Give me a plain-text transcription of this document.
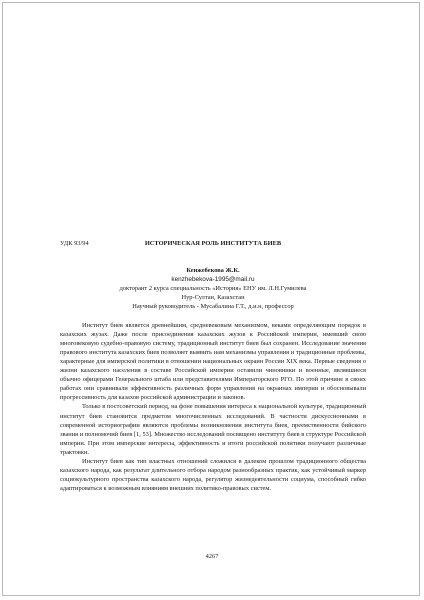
УДК 93/94	ИСТОРИЧЕСКАЯ РОЛЬ ИНСТИТУТА БИЕВ

Кенжебекова Ж.К.
kenzhebekova-1995@mail.ru
докторант 2 курса специальность «История» ЕНУ им. Л.Н.Гумилева
Нур-Султан, Казахстан
Научный руководитель - Мусабалина Г.Т., д.и.н, профессор

Институт биев является древнейшим, средневековым механизмом, веками определяющим порядок в казахских жузах. Даже после присоединения казахских жузов к Российской империи, имевший свою многовековую судебно-правовую систему, традиционный институт биев был сохранен. Исследование значения правового института казахских биев позволяет выявить нам механизмы управления и традиционные проблемы, характерные для имперской политики в отношении национальных окраин России XIX века. Первые сведения о жизни казахского населения в составе Российской империи оставили чиновники и военные, являвшиеся обычно офицерами Генерального штаба или представителями Императорского РГО. По этой причине в своих работах они сравнивали эффективность различных форм управления на окраинах империи и обосновывали прогрессивность для казахов российской администрации и законов.

Только в постсоветский период, на фоне повышения интереса к национальной культуре, традиционный институт биев становится предметом многочисленных исследований. В частности дискуссионными в современной историографии являются проблемы возникновения института биев, преемственности бийского звания и полномочий биев [1, 53]. Множество исследований посвящено институту биев в структуре Российской империи. При этом имперские интересы, эффективность и итоги российской политики получают различные трактовки.

Институт биев как тип властных отношений сложился в далеком прошлом традиционного общества казахского народа, как результат длительного отбора народом разнообразных практик, как устойчивый маркер социокультурного пространства казахского народа, регулятор жизнедеятельности социума, способный гибко адаптироваться к возможным влияниям внешних политико-правовых систем.

4267
